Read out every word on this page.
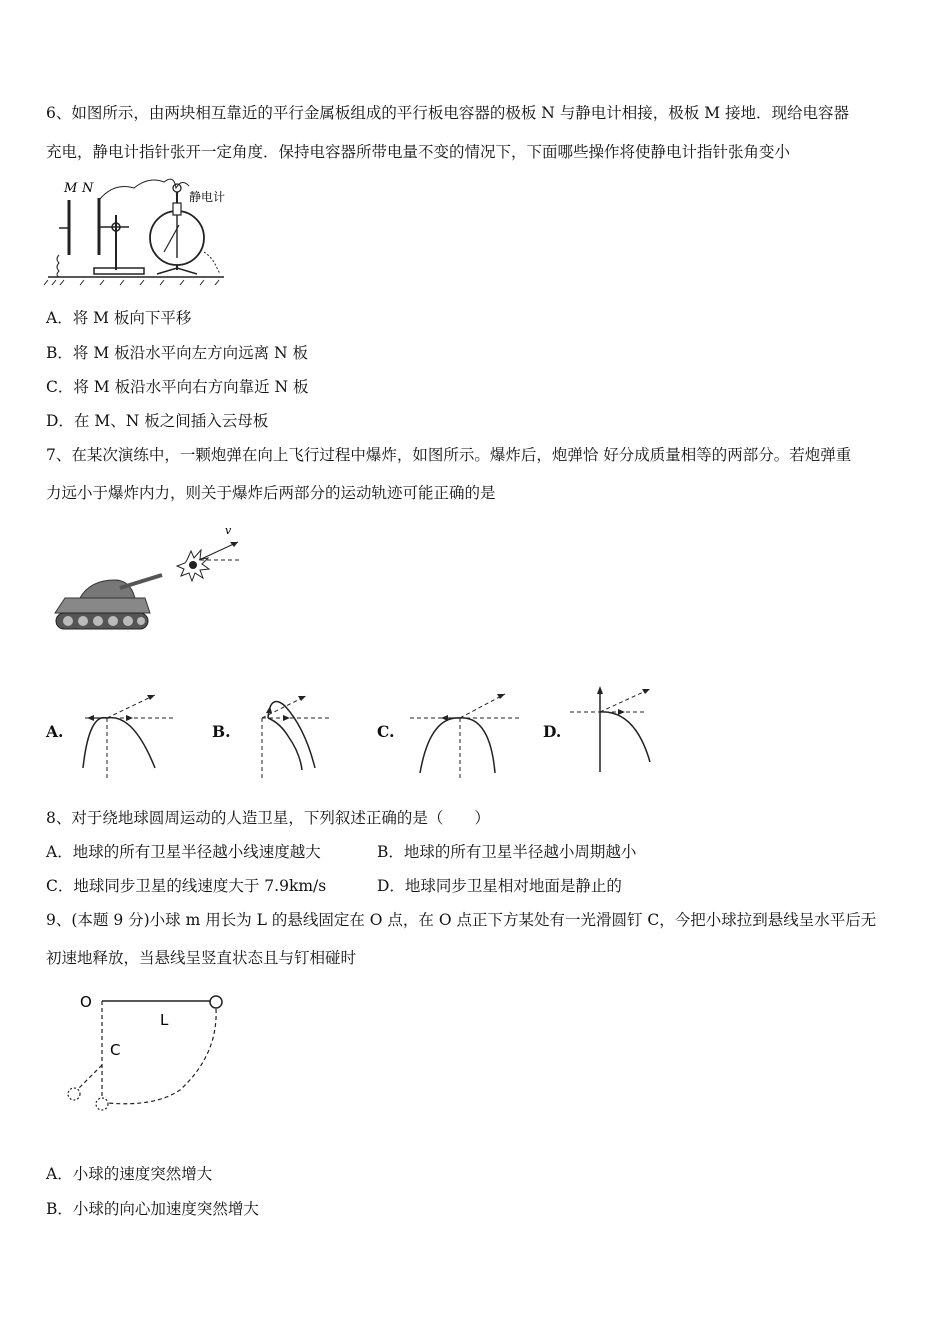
6、如图所示，由两块相互靠近的平行金属板组成的平行板电容器的极板 N 与静电计相接，极板 M 接地．现给电容器
充电，静电计指针张开一定角度．保持电容器所带电量不变的情况下，下面哪些操作将使静电计指针张角变小
M N
静电计
A．将 M 板向下平移
B．将 M 板沿水平向左方向远离 N 板
C．将 M 板沿水平向右方向靠近 N 板
D．在 M、N 板之间插入云母板
7、在某次演练中，一颗炮弹在向上飞行过程中爆炸，如图所示。爆炸后，炮弹恰 好分成质量相等的两部分。若炮弹重
力远小于爆炸内力，则关于爆炸后两部分的运动轨迹可能正确的是
v
A.	B.	C.	D.
8、对于绕地球圆周运动的人造卫星，下列叙述正确的是（　　）
A．地球的所有卫星半径越小线速度越大	B．地球的所有卫星半径越小周期越小
C．地球同步卫星的线速度大于 7.9km/s	D．地球同步卫星相对地面是静止的
9、(本题 9 分)小球 m 用长为 L 的悬线固定在 O 点，在 O 点正下方某处有一光滑圆钉 C，今把小球拉到悬线呈水平后无
初速地释放，当悬线呈竖直状态且与钉相碰时
O
L
C
A．小球的速度突然增大
B．小球的向心加速度突然增大
